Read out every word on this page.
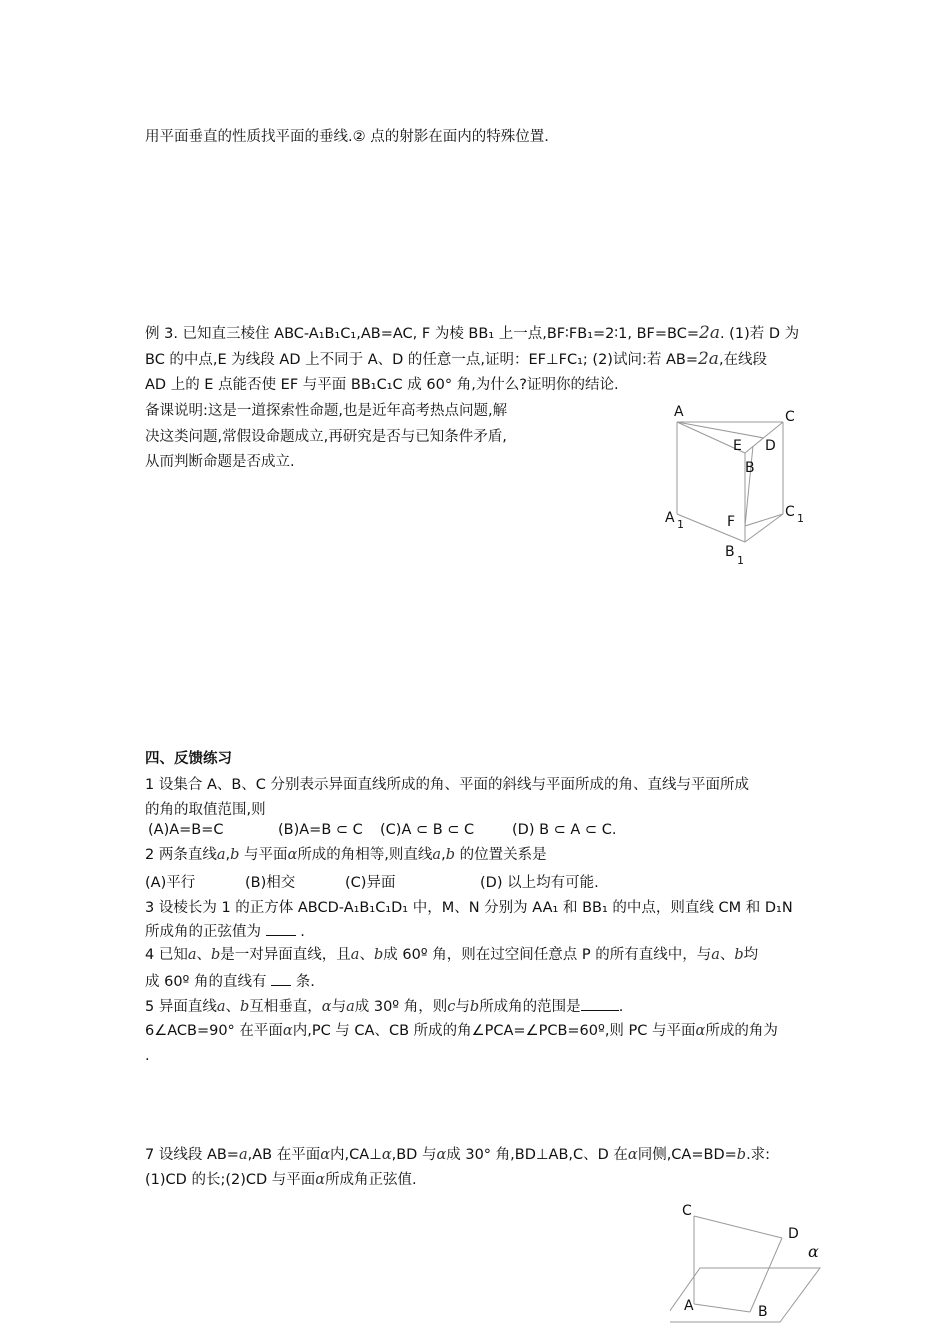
用平面垂直的性质找平面的垂线.② 点的射影在面内的特殊位置.
例 3. 已知直三棱住 ABC-A₁B₁C₁,AB=AC, F 为棱 BB₁ 上一点,BF∶FB₁=2∶1, BF=BC=2a. (1)若 D 为
BC 的中点,E 为线段 AD 上不同于 A、D 的任意一点,证明：EF⊥FC₁; (2)试问:若 AB=2a,在线段
AD 上的 E 点能否使 EF 与平面 BB₁C₁C 成 60° 角,为什么?证明你的结论.
备课说明:这是一道探索性命题,也是近年高考热点问题,解
决这类问题,常假设命题成立,再研究是否与已知条件矛盾,
从而判断命题是否成立.
A	C
E D
B
A 1	F
C 1
B
1
四、反馈练习
1 设集合 A、B、C 分别表示异面直线所成的角、平面的斜线与平面所成的角、直线与平面所成
的角的取值范围,则
(A)A=B=C	(B)A=B ⊂ C (C)A ⊂ B ⊂ C	(D) B ⊂ A ⊂ C.
2 两条直线a,b 与平面α所成的角相等,则直线a,b 的位置关系是
(A)平行	(B)相交	(C)异面	(D) 以上均有可能.
3 设棱长为 1 的正方体 ABCD-A₁B₁C₁D₁ 中，M、N 分别为 AA₁ 和 BB₁ 的中点，则直线 CM 和 D₁N
所成角的正弦值为	.
4 已知a、b是一对异面直线，且a、b成 60º 角，则在过空间任意点 P 的所有直线中，与a、b均
成 60º 角的直线有 条.
5 异面直线a、b互相垂直，α与a成 30º 角，则c与b所成角的范围是	.
6∠ACB=90° 在平面α内,PC 与 CA、CB 所成的角∠PCA=∠PCB=60º,则 PC 与平面α所成的角为
.
7 设线段 AB=a,AB 在平面α内,CA⊥α,BD 与α成 30° 角,BD⊥AB,C、D 在α同侧,CA=BD=b.求:
(1)CD 的长;(2)CD 与平面α所成角正弦值.
C
D
α
A	B
